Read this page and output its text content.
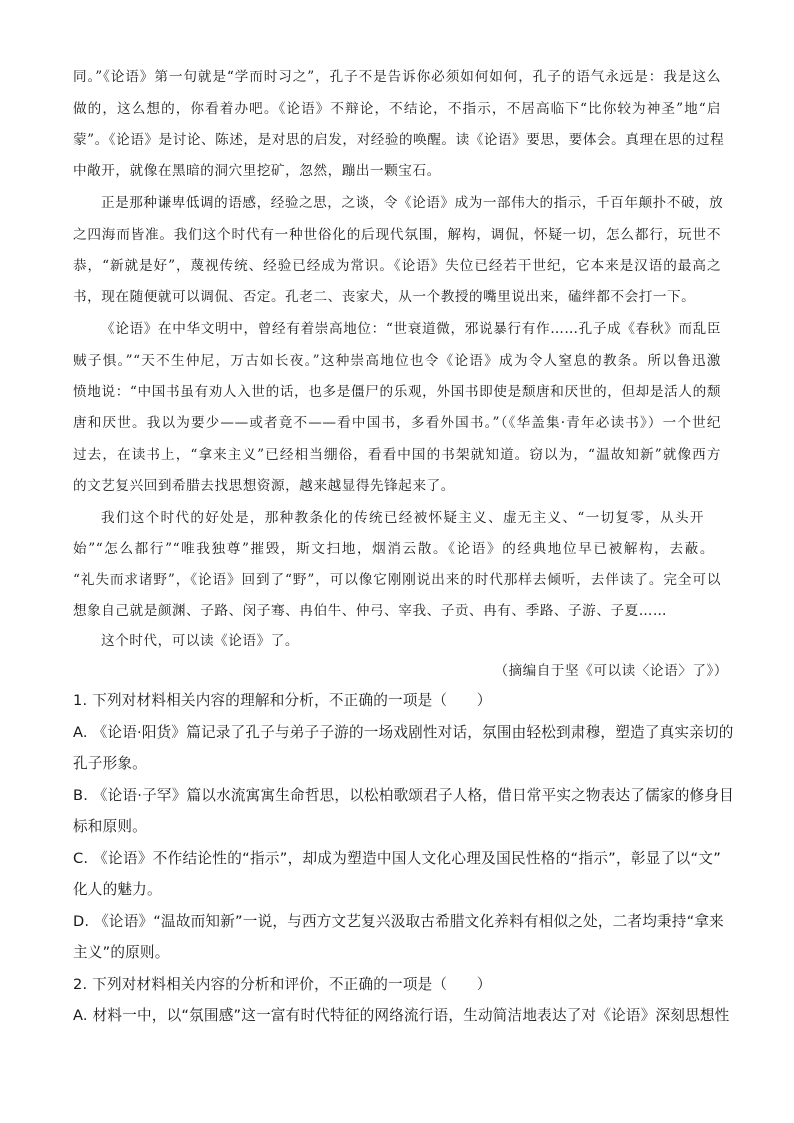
同。”《论语》第一句就是“学而时习之”，孔子不是告诉你必须如何如何，孔子的语气永远是：我是这么
做的，这么想的，你看着办吧。《论语》不辩论，不结论，不指示，不居高临下“比你较为神圣”地“启
蒙”。《论语》是讨论、陈述，是对思的启发，对经验的唤醒。读《论语》要思，要体会。真理在思的过程
中敞开，就像在黑暗的洞穴里挖矿，忽然，蹦出一颗宝石。
正是那种谦卑低调的语感，经验之思，之谈，令《论语》成为一部伟大的指示，千百年颠扑不破，放
之四海而皆准。我们这个时代有一种世俗化的后现代氛围，解构，调侃，怀疑一切，怎么都行，玩世不
恭，“新就是好”，蔑视传统、经验已经成为常识。《论语》失位已经若干世纪，它本来是汉语的最高之
书，现在随便就可以调侃、否定。孔老二、丧家犬，从一个教授的嘴里说出来，磕绊都不会打一下。
《论语》在中华文明中，曾经有着崇高地位：“世衰道微，邪说暴行有作……孔子成《春秋》而乱臣
贼子惧。”“天不生仲尼，万古如长夜。”这种崇高地位也令《论语》成为令人窒息的教条。所以鲁迅激
愤地说：“中国书虽有劝人入世的话，也多是僵尸的乐观，外国书即使是颓唐和厌世的，但却是活人的颓
唐和厌世。我以为要少——或者竟不——看中国书，多看外国书。”（《华盖集·青年必读书》）一个世纪
过去，在读书上，“拿来主义”已经相当绷俗，看看中国的书架就知道。窃以为，“温故知新”就像西方
的文艺复兴回到希腊去找思想资源，越来越显得先锋起来了。
我们这个时代的好处是，那种教条化的传统已经被怀疑主义、虚无主义、“一切复零，从头开
始”“怎么都行”“唯我独尊”摧毁，斯文扫地，烟消云散。《论语》的经典地位早已被解构，去蔽。
“礼失而求诸野”，《论语》回到了“野”，可以像它刚刚说出来的时代那样去倾听，去伴读了。完全可以
想象自己就是颜渊、子路、闵子骞、冉伯牛、仲弓、宰我、子贡、冉有、季路、子游、子夏……
这个时代，可以读《论语》了。
（摘编自于坚《可以读〈论语〉了》）
1. 下列对材料相关内容的理解和分析，不正确的一项是（　　）
A. 《论语·阳货》篇记录了孔子与弟子子游的一场戏剧性对话，氛围由轻松到肃穆，塑造了真实亲切的
孔子形象。
B. 《论语·子罕》篇以水流寓寓生命哲思，以松柏歌颂君子人格，借日常平实之物表达了儒家的修身目
标和原则。
C. 《论语》不作结论性的“指示”，却成为塑造中国人文化心理及国民性格的“指示”，彰显了以“文”
化人的魅力。
D. 《论语》“温故而知新”一说，与西方文艺复兴汲取古希腊文化养料有相似之处，二者均秉持“拿来
主义”的原则。
2. 下列对材料相关内容的分析和评价，不正确的一项是（　　）
A. 材料一中，以“氛围感”这一富有时代特征的网络流行语，生动简洁地表达了对《论语》深刻思想性
